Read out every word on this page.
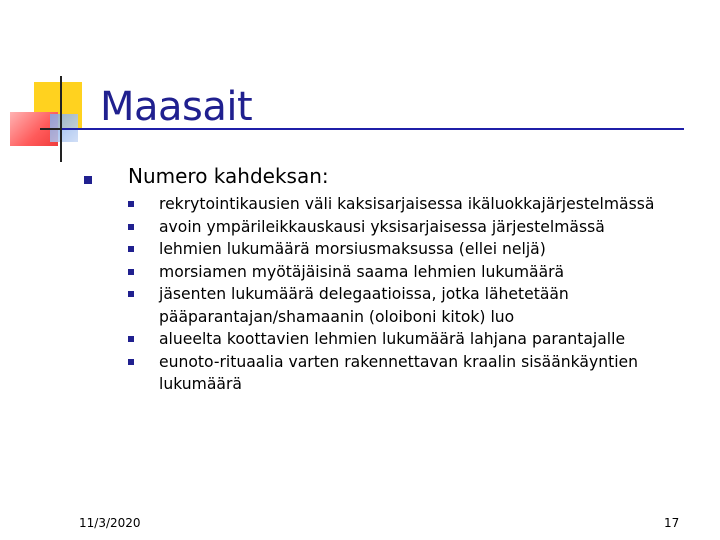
Maasait
Numero kahdeksan:
rekrytointikausien väli kaksisarjaisessa ikäluokkajärjestelmässä
avoin ympärileikkauskausi yksisarjaisessa järjestelmässä
lehmien lukumäärä morsiusmaksussa (ellei neljä)
morsiamen myötäjäisinä saama lehmien lukumäärä
jäsenten lukumäärä delegaatioissa, jotka lähetetään pääparantajan/shamaanin (oloiboni kitok) luo
alueelta koottavien lehmien lukumäärä lahjana parantajalle
eunoto-rituaalia varten rakennettavan kraalin sisäänkäyntien lukumäärä
11/3/2020	17
